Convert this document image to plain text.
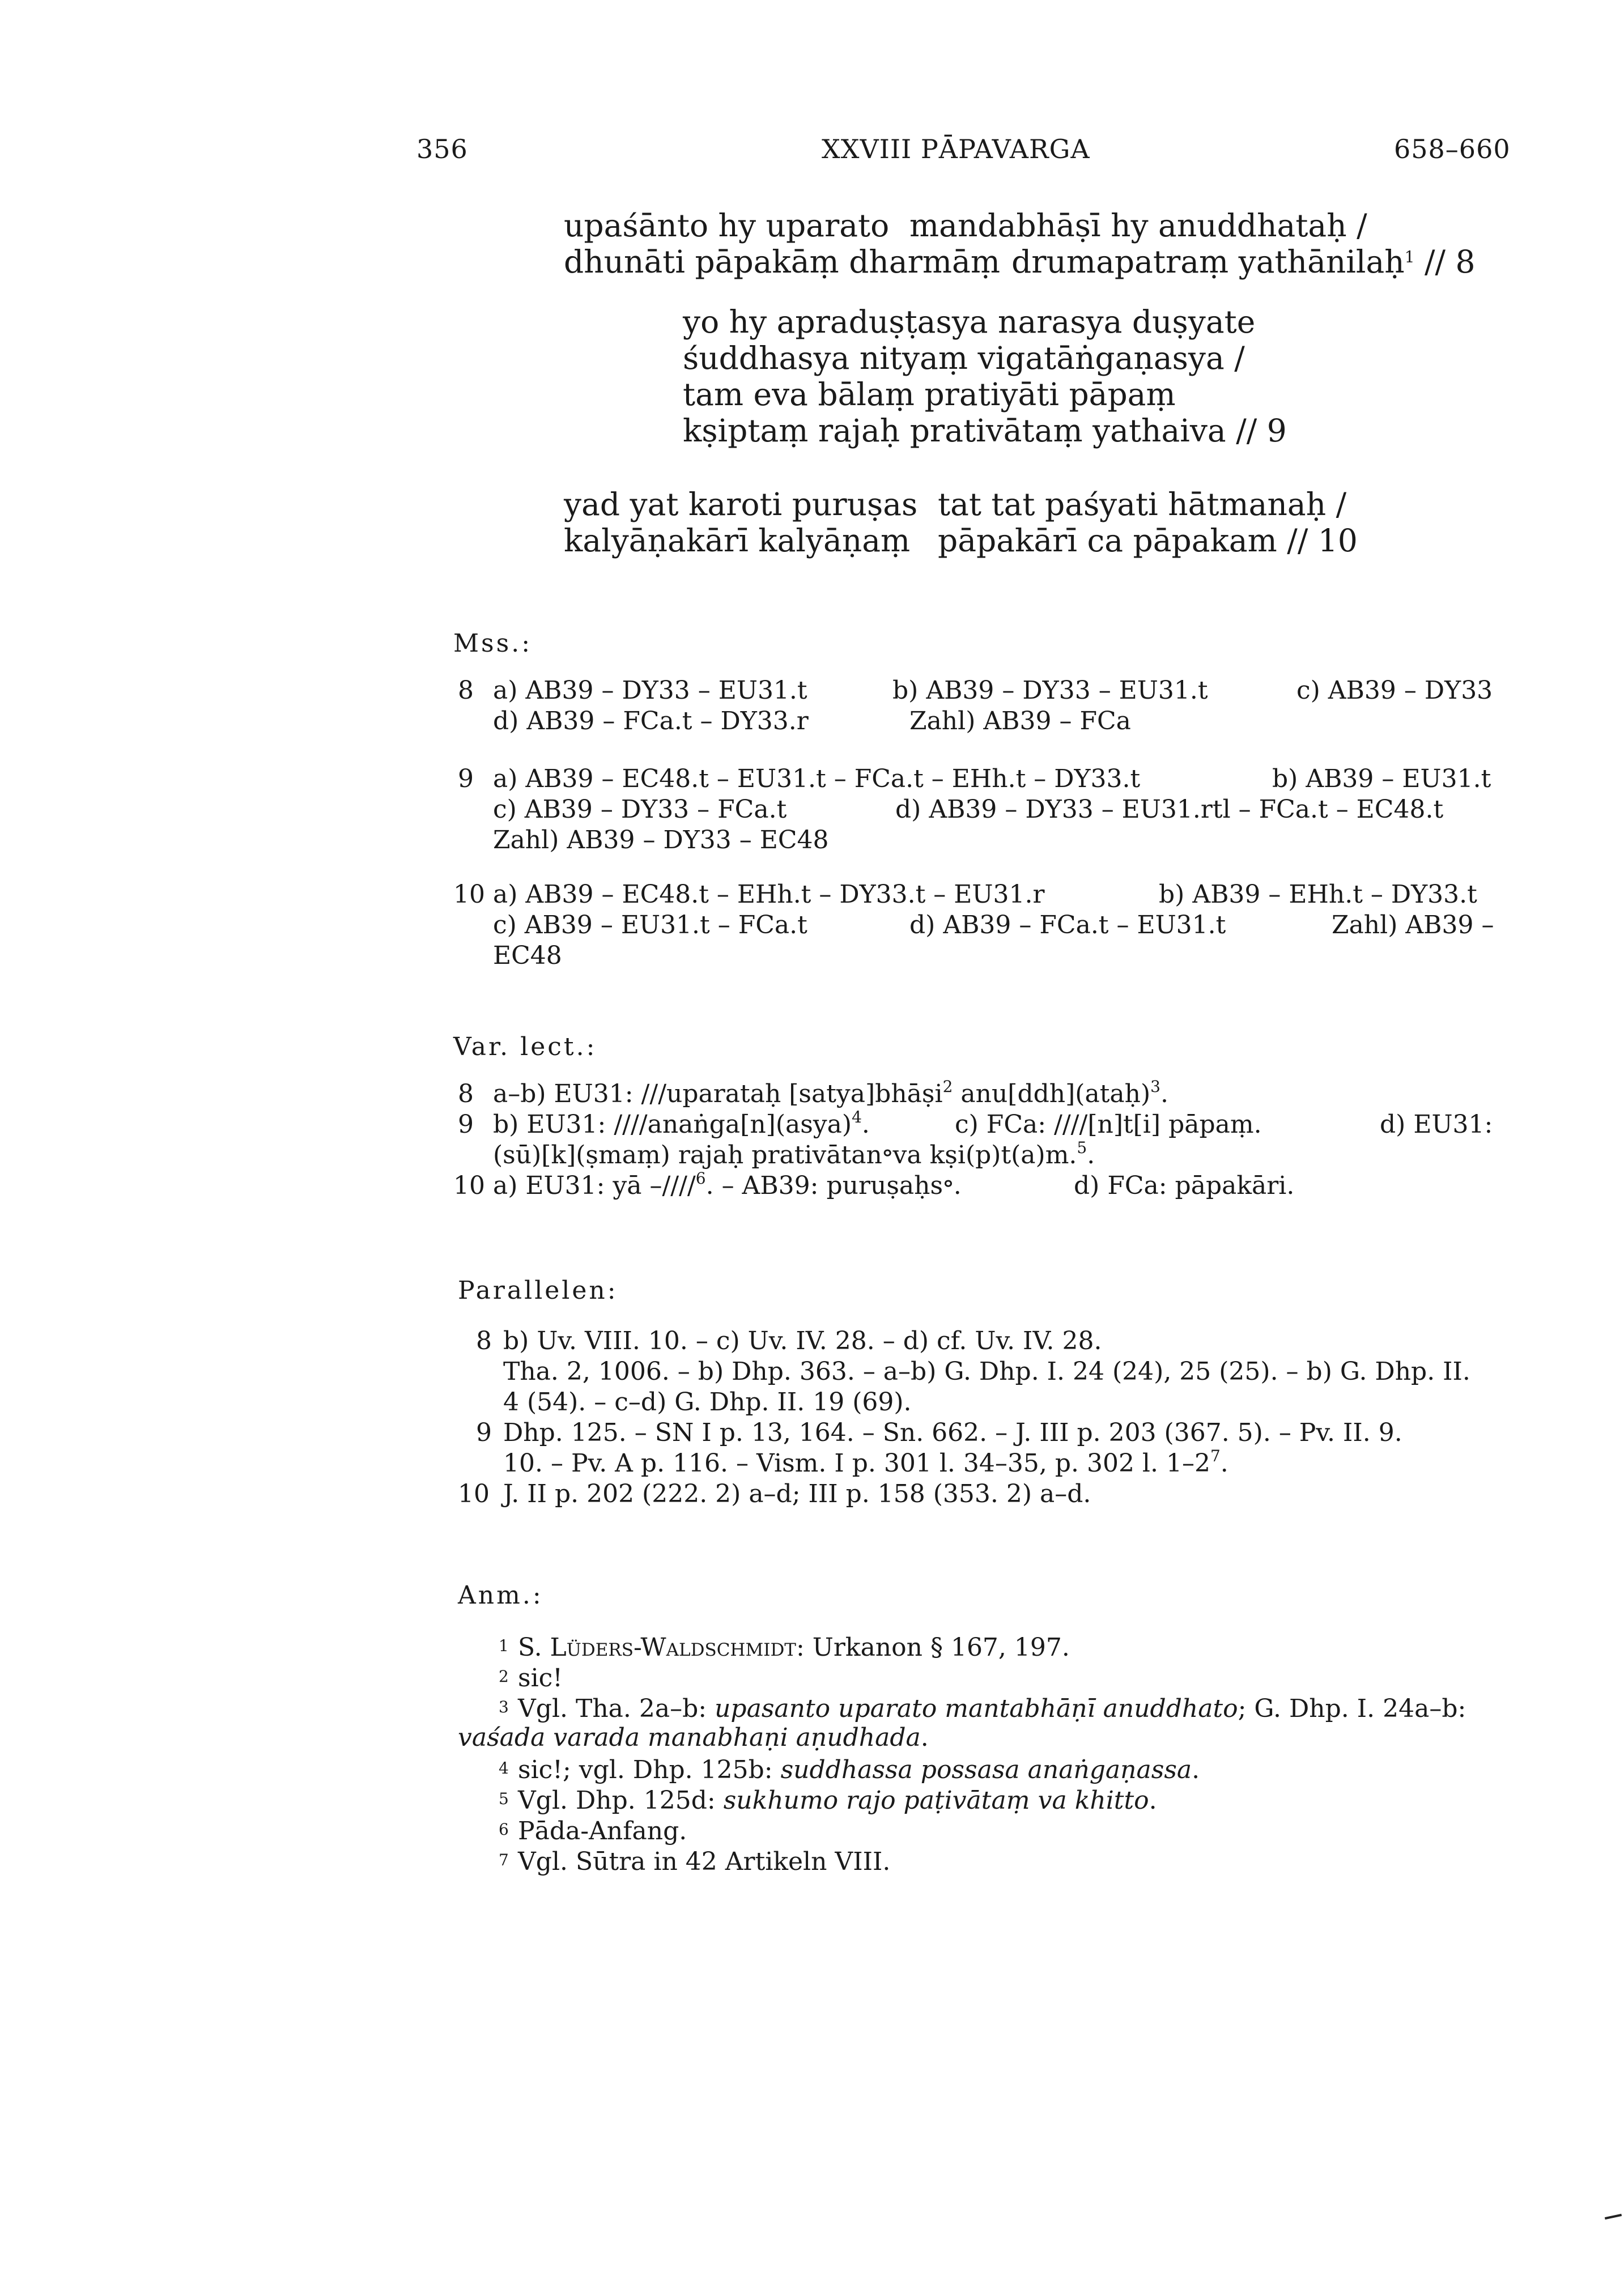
356	XXVIII PĀPAVARGA	658–660
upaśānto hy uparato mandabhāṣī hy anuddhataḥ /
dhunāti pāpakāṃ dharmāṃ drumapatraṃ yathānilaḥ$^1$ // 8
yo hy apraduṣṭasya narasya duṣyate
śuddhasya nityaṃ vigatāṅgaṇasya /
tam eva bālaṃ pratiyāti pāpaṃ
kṣiptaṃ rajaḥ prativātaṃ yathaiva // 9
yad yat karoti puruṣas tat tat paśyati hātmanaḥ /
kalyāṇakārī kalyāṇaṃ pāpakārī ca pāpakam // 10
Mss.:
8 a) AB39 – DY33 – EU31.t	b) AB39 – DY33 – EU31.t	c) AB39 – DY33
d) AB39 – FCa.t – DY33.r	Zahl) AB39 – FCa
9 a) AB39 – EC48.t – EU31.t – FCa.t – EHh.t – DY33.t	b) AB39 – EU31.t
c) AB39 – DY33 – FCa.t	d) AB39 – DY33 – EU31.rtl – FCa.t – EC48.t
Zahl) AB39 – DY33 – EC48
10 a) AB39 – EC48.t – EHh.t – DY33.t – EU31.r	b) AB39 – EHh.t – DY33.t
c) AB39 – EU31.t – FCa.t	d) AB39 – FCa.t – EU31.t	Zahl) AB39 –
EC48
Var. lect.:
8 a–b) EU31: ///uparataḥ [satya]bhāṣi$^2$ anu[ddh](ataḥ)$^3$.
9 b) EU31: ////anaṅga[n](asya)$^4$.	c) FCa: ////[n]t[i] pāpaṃ.	d) EU31:
(sū)[k](ṣmaṃ) rajaḥ prativātan॰va kṣi(p)t(a)m.$^5$.
10 a) EU31: yā –////$^6$. – AB39: puruṣaḥs॰.	d) FCa: pāpakāri.
Parallelen:
8 b) Uv. VIII. 10. – c) Uv. IV. 28. – d) cf. Uv. IV. 28.
Tha. 2, 1006. – b) Dhp. 363. – a–b) G. Dhp. I. 24 (24), 25 (25). – b) G. Dhp. II.
4 (54). – c–d) G. Dhp. II. 19 (69).
9 Dhp. 125. – SN I p. 13, 164. – Sn. 662. – J. III p. 203 (367. 5). – Pv. II. 9.
10. – Pv. A p. 116. – Vism. I p. 301 l. 34–35, p. 302 l. $1-2^7$.
10 J. II p. 202 (222. 2) a–d; III p. 158 (353. 2) a–d.
Anm.:
1 S. Lüders-Waldschmidt: Urkanon § 167, 197.
2 sic!
3 Vgl. Tha. 2a–b: upasanto uparato mantabhāṇī anuddhato; G. Dhp. I. 24a–b:
vaśada varada manabhaṇi aṇudhada.
4 sic!; vgl. Dhp. 125b: suddhassa possasa anaṅgaṇassa.
5 Vgl. Dhp. 125d: sukhumo rajo paṭivātaṃ va khitto.
6 Pāda-Anfang.
7 Vgl. Sūtra in 42 Artikeln VIII.
